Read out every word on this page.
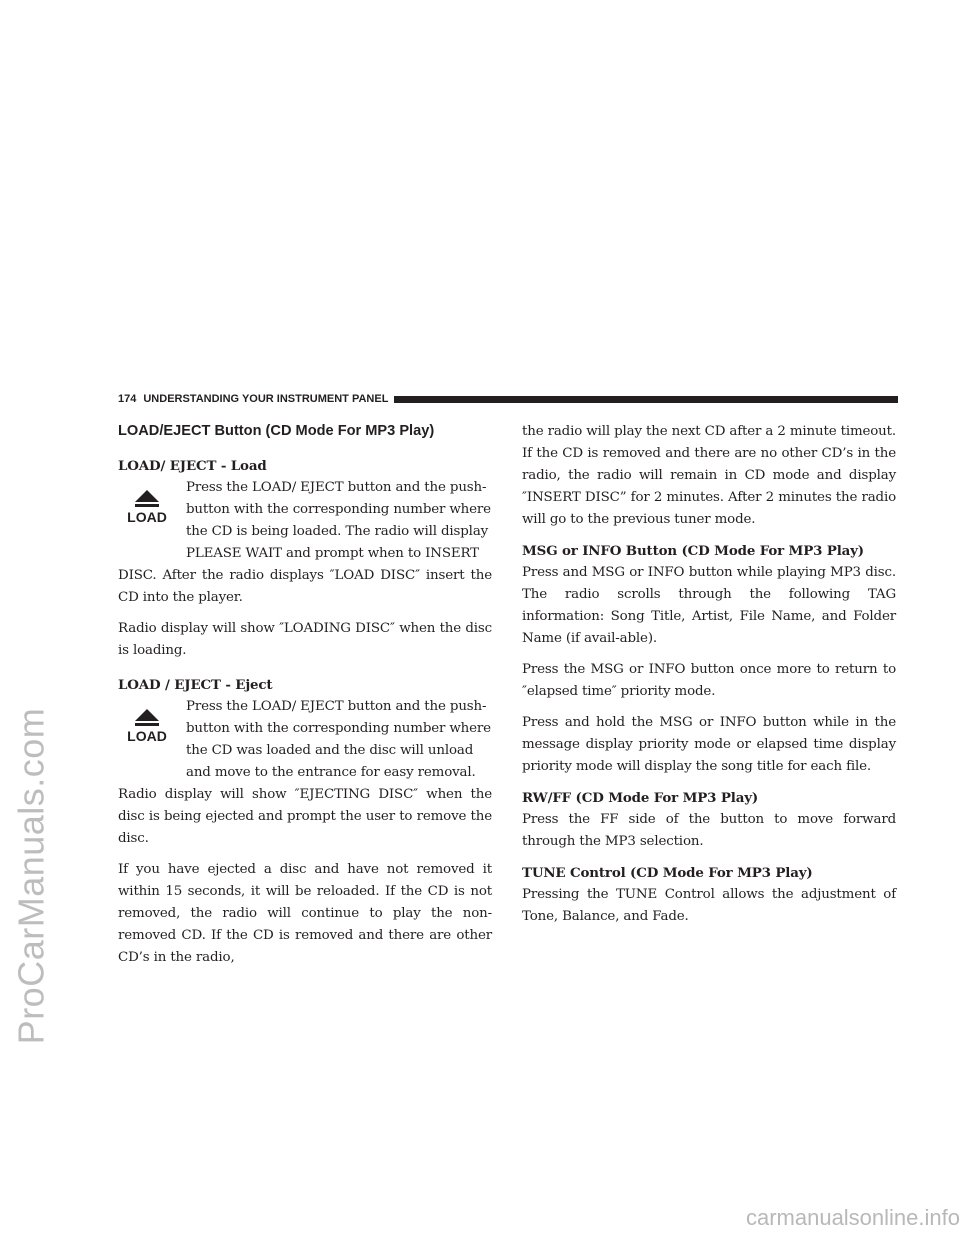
174 UNDERSTANDING YOUR INSTRUMENT PANEL
LOAD/EJECT Button (CD Mode For MP3 Play)
LOAD/ EJECT - Load
LOAD
Press the LOAD/ EJECT button and the push-
button with the corresponding number where
the CD is being loaded. The radio will display
PLEASE WAIT and prompt when to INSERT
DISC. After the radio displays ″LOAD DISC″ insert the CD into the player.
Radio display will show ″LOADING DISC″ when the disc is loading.
LOAD / EJECT - Eject
LOAD
Press the LOAD/ EJECT button and the push-
button with the corresponding number where
the CD was loaded and the disc will unload
and move to the entrance for easy removal.
Radio display will show ″EJECTING DISC″ when the disc is being ejected and prompt the user to remove the disc.
If you have ejected a disc and have not removed it within 15 seconds, it will be reloaded. If the CD is not removed, the radio will continue to play the non-removed CD. If the CD is removed and there are other CD’s in the radio,
the radio will play the next CD after a 2 minute timeout. If the CD is removed and there are no other CD’s in the radio, the radio will remain in CD mode and display ″INSERT DISC” for 2 minutes. After 2 minutes the radio will go to the previous tuner mode.
MSG or INFO Button (CD Mode For MP3 Play)
Press and MSG or INFO button while playing MP3 disc. The radio scrolls through the following TAG information: Song Title, Artist, File Name, and Folder Name (if avail-able).
Press the MSG or INFO button once more to return to ″elapsed time″ priority mode.
Press and hold the MSG or INFO button while in the message display priority mode or elapsed time display priority mode will display the song title for each file.
RW/FF (CD Mode For MP3 Play)
Press the FF side of the button to move forward through the MP3 selection.
TUNE Control (CD Mode For MP3 Play)
Pressing the TUNE Control allows the adjustment of Tone, Balance, and Fade.
ProCarManuals.com
carmanualsonline.info
